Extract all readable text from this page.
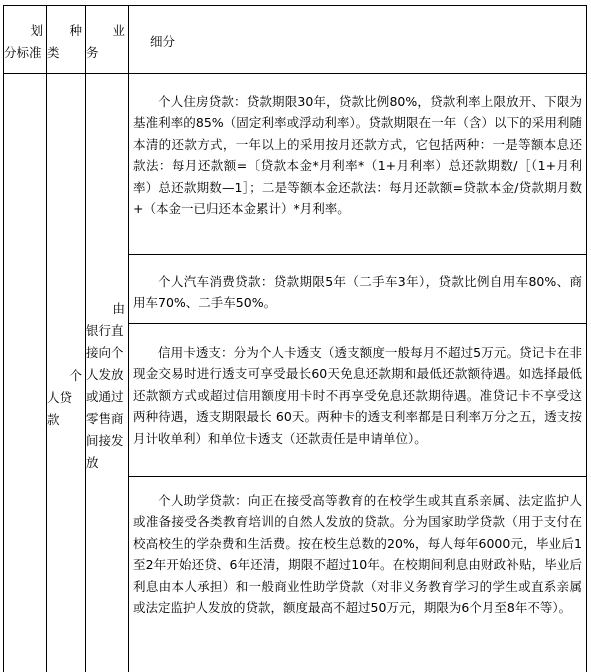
划
分标准
种
类
业
务
细分
个
人贷
款
由
银行直
接向个
人发放
或通过
零售商
间接发
放
个人住房贷款：贷款期限30年，贷款比例80%，贷款利率上限放开、下限为基准利率的85%（固定利率或浮动利率）。贷款期限在一年（含）以下的采用利随本清的还款方式，一年以上的采用按月还款方式，它包括两种：一是等额本息还款法：每月还款额=〔贷款本金*月利率*（1+月利率）总还款期数/［（1+月利率）总还款期数—1］；二是等额本金还款法：每月还款额=贷款本金/贷款期月数+（本金一已归还本金累计）*月利率。
个人汽车消费贷款：贷款期限5年（二手车3年），贷款比例自用车80%、商用车70%、二手车50%。
信用卡透支：分为个人卡透支（透支额度一般每月不超过5万元。贷记卡在非现金交易时进行透支可享受最长60天免息还款期和最低还款额待遇。如选择最低还款额方式或超过信用额度用卡时不再享受免息还款期待遇。准贷记卡不享受这两种待遇，透支期限最长 60天。两种卡的透支利率都是日利率万分之五，透支按月计收单利）和单位卡透支（还款责任是申请单位）。
个人助学贷款：向正在接受高等教育的在校学生或其直系亲属、法定监护人或准备接受各类教育培训的自然人发放的贷款。分为国家助学贷款（用于支付在校高校生的学杂费和生活费。按在校生总数的20%，每人每年6000元，毕业后1至2年开始还贷、6年还清，期限不超过10年。在校期间利息由财政补贴，毕业后利息由本人承担）和一般商业性助学贷款（对非义务教育学习的学生或直系亲属或法定监护人发放的贷款，额度最高不超过50万元，期限为6个月至8年不等）。
